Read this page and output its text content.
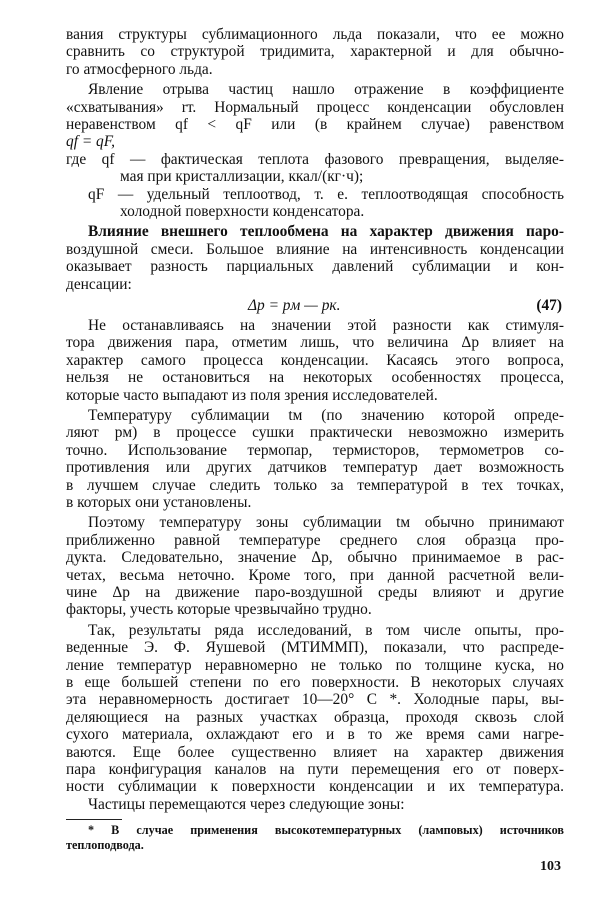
вания структуры сублимационного льда показали, что ее можно
сравнить со структурой тридимита, характерной и для обычно-
го атмосферного льда.
Явление отрыва частиц нашло отражение в коэффициенте
«схватывания» rт. Нормальный процесс конденсации обусловлен
неравенством qf < qF или (в крайнем случае) равенством
qf = qF,
где qf — фактическая теплота фазового превращения, выделяе-
мая при кристаллизации, ккал/(кг·ч);
qF — удельный теплоотвод, т. е. теплоотводящая способность
холодной поверхности конденсатора.
Влияние внешнего теплообмена на характер движения паро-
воздушной смеси. Большое влияние на интенсивность конденсации
оказывает разность парциальных давлений сублимации и кон-
денсации:
Δp = pм — pк.	(47)
Не останавливаясь на значении этой разности как стимуля-
тора движения пара, отметим лишь, что величина Δp влияет на
характер самого процесса конденсации. Касаясь этого вопроса,
нельзя не остановиться на некоторых особенностях процесса,
которые часто выпадают из поля зрения исследователей.
Температуру сублимации tм (по значению которой опреде-
ляют pм) в процессе сушки практически невозможно измерить
точно. Использование термопар, термисторов, термометров со-
противления или других датчиков температур дает возможность
в лучшем случае следить только за температурой в тех точках,
в которых они установлены.
Поэтому температуру зоны сублимации tм обычно принимают
приближенно равной температуре среднего слоя образца про-
дукта. Следовательно, значение Δp, обычно принимаемое в рас-
четах, весьма неточно. Кроме того, при данной расчетной вели-
чине Δp на движение паро-воздушной среды влияют и другие
факторы, учесть которые чрезвычайно трудно.
Так, результаты ряда исследований, в том числе опыты, про-
веденные Э. Ф. Яушевой (МТИММП), показали, что распреде-
ление температур неравномерно не только по толщине куска, но
в еще большей степени по его поверхности. В некоторых случаях
эта неравномерность достигает 10—20° С *. Холодные пары, вы-
деляющиеся на разных участках образца, проходя сквозь слой
сухого материала, охлаждают его и в то же время сами нагре-
ваются. Еще более существенно влияет на характер движения
пара конфигурация каналов на пути перемещения его от поверх-
ности сублимации к поверхности конденсации и их температура.
Частицы перемещаются через следующие зоны:
* В случае применения высокотемпературных (ламповых) источников
теплоподвода.
103
